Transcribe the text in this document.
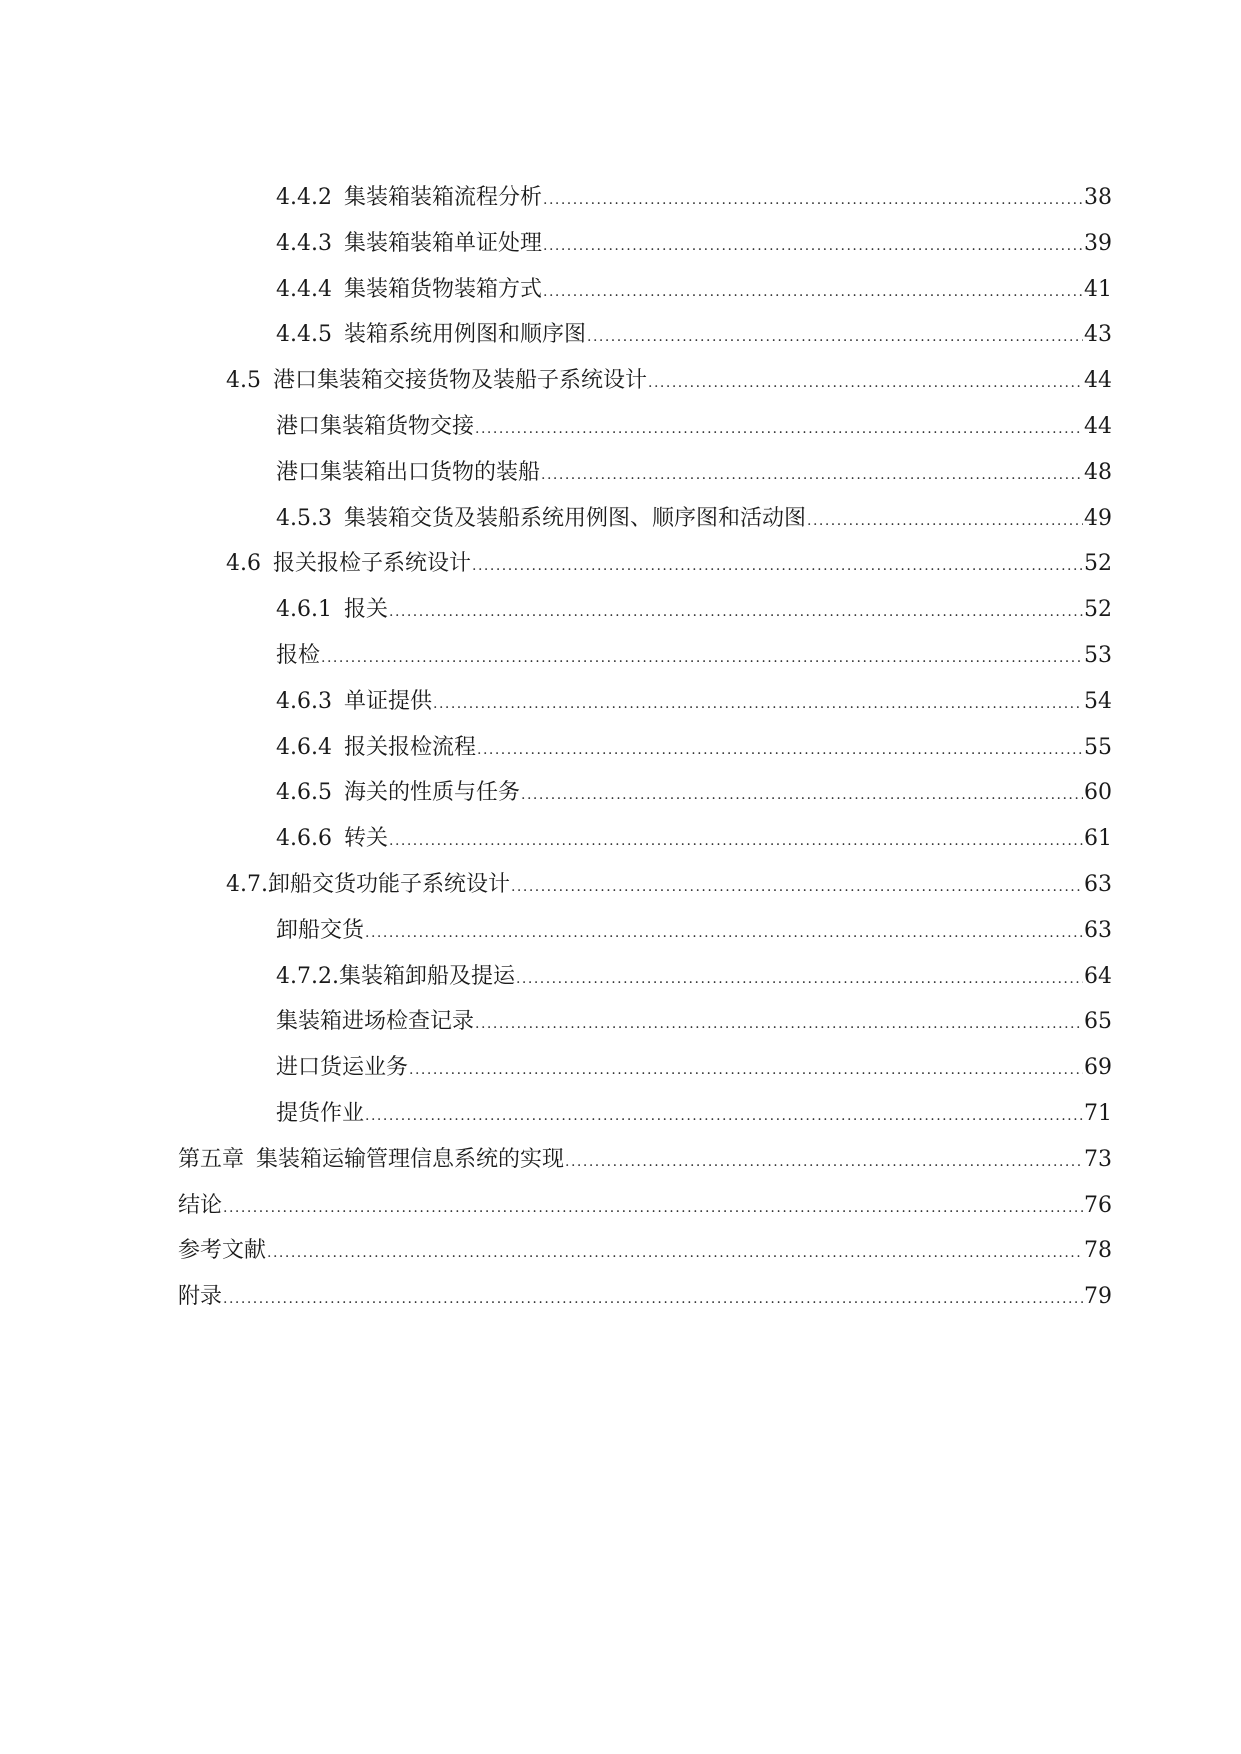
4.4.2 集装箱装箱流程分析 .....	38
4.4.3 集装箱装箱单证处理 .....	39
4.4.4 集装箱货物装箱方式 .....	41
4.4.5 装箱系统用例图和顺序图 .....	43
4.5 港口集装箱交接货物及装船子系统设计 .....	44
港口集装箱货物交接 .....	44
港口集装箱出口货物的装船 .....	48
4.5.3 集装箱交货及装船系统用例图、顺序图和活动图 .....	49
4.6 报关报检子系统设计 .....	52
4.6.1 报关 .....	52
报检 .....	53
4.6.3 单证提供 .....	54
4.6.4 报关报检流程 .....	55
4.6.5 海关的性质与任务 .....	60
4.6.6 转关 .....	61
4.7.卸船交货功能子系统设计 .....	63
卸船交货 .....	63
4.7.2.集装箱卸船及提运 .....	64
集装箱进场检查记录 .....	65
进口货运业务 .....	69
提货作业 .....	71
第五章 集装箱运输管理信息系统的实现 .....	73
结论 .....	76
参考文献 .....	78
附录 .....	79
